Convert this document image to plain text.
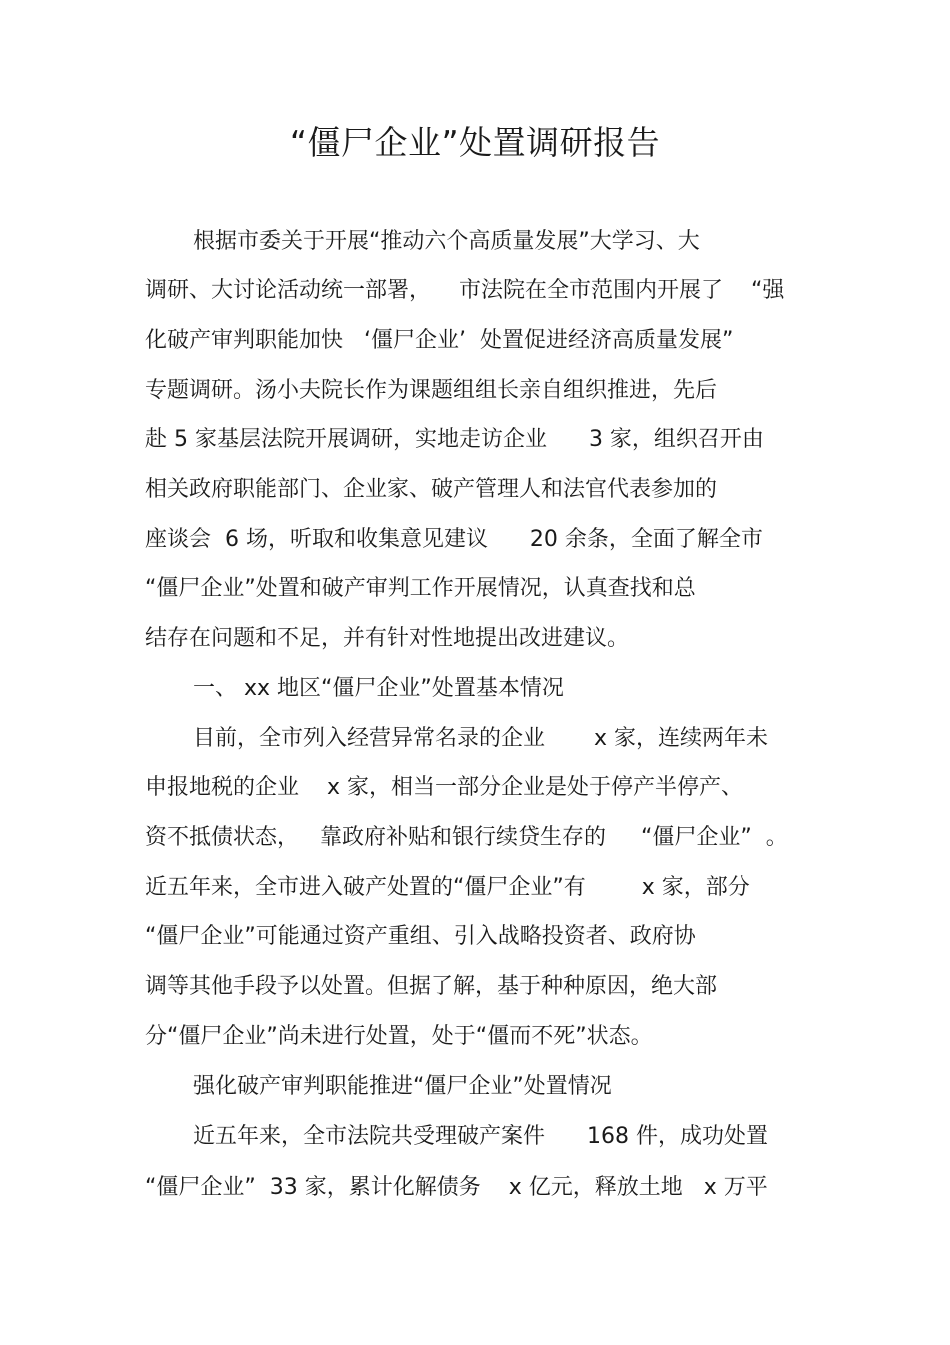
“僵尸企业”处置调研报告
根据市委关于开展“推动六个高质量发展”大学习、大
调研、大讨论活动统一部署，    市法院在全市范围内开展了    “强
化破产审判职能加快   ‘僵尸企业’  处置促进经济高质量发展”
专题调研。汤小夫院长作为课题组组长亲自组织推进，先后
赴 5 家基层法院开展调研，实地走访企业      3 家，组织召开由
相关政府职能部门、企业家、破产管理人和法官代表参加的
座谈会  6 场，听取和收集意见建议      20 余条，全面了解全市
“僵尸企业”处置和破产审判工作开展情况，认真查找和总
结存在问题和不足，并有针对性地提出改进建议。
一、 xx 地区“僵尸企业”处置基本情况
目前，全市列入经营异常名录的企业       x 家，连续两年未
申报地税的企业    x 家，相当一部分企业是处于停产半停产、
资不抵债状态，   靠政府补贴和银行续贷生存的     “僵尸企业”  。
近五年来，全市进入破产处置的“僵尸企业”有        x 家，部分
“僵尸企业”可能通过资产重组、引入战略投资者、政府协
调等其他手段予以处置。但据了解，基于种种原因，绝大部
分“僵尸企业”尚未进行处置，处于“僵而不死”状态。
强化破产审判职能推进“僵尸企业”处置情况
近五年来，全市法院共受理破产案件      168 件，成功处置
“僵尸企业”  33 家，累计化解债务    x 亿元，释放土地   x 万平
